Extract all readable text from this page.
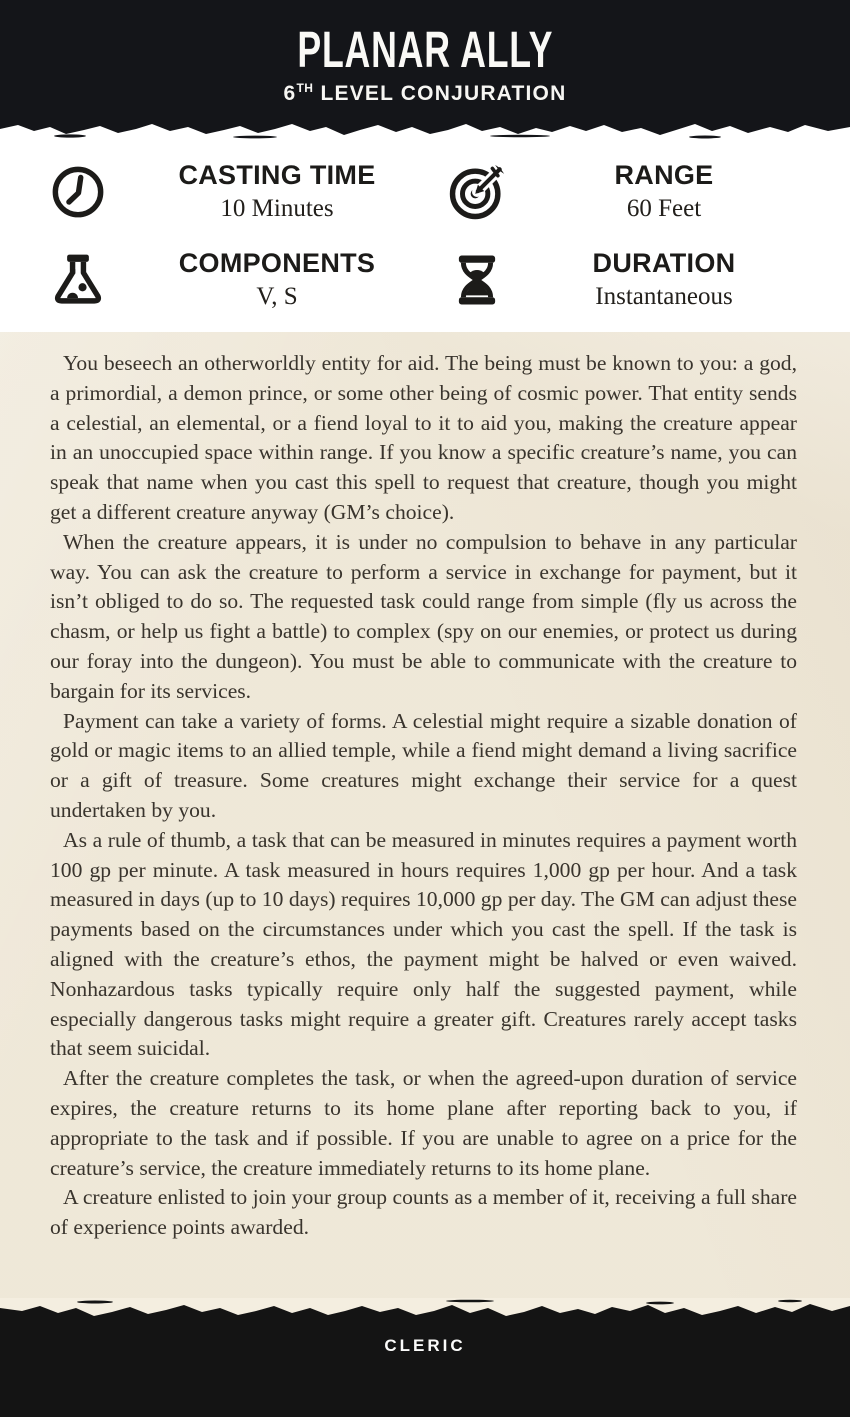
PLANAR ALLY
6TH LEVEL CONJURATION
CASTING TIME
10 Minutes
RANGE
60 Feet
COMPONENTS
V, S
DURATION
Instantaneous

You beseech an otherworldly entity for aid. The being must be known to you: a god, a primordial, a demon prince, or some other being of cosmic power. That entity sends a celestial, an elemental, or a fiend loyal to it to aid you, making the creature appear in an unoccupied space within range. If you know a specific creature’s name, you can speak that name when you cast this spell to request that creature, though you might get a different creature anyway (GM’s choice).

When the creature appears, it is under no compulsion to behave in any particular way. You can ask the creature to perform a service in exchange for payment, but it isn’t obliged to do so. The requested task could range from simple (fly us across the chasm, or help us fight a battle) to complex (spy on our enemies, or protect us during our foray into the dungeon). You must be able to communicate with the creature to bargain for its services.

Payment can take a variety of forms. A celestial might require a sizable donation of gold or magic items to an allied temple, while a fiend might demand a living sacrifice or a gift of treasure. Some creatures might exchange their service for a quest undertaken by you.

As a rule of thumb, a task that can be measured in minutes requires a payment worth 100 gp per minute. A task measured in hours requires 1,000 gp per hour. And a task measured in days (up to 10 days) requires 10,000 gp per day. The GM can adjust these payments based on the circumstances under which you cast the spell. If the task is aligned with the creature’s ethos, the payment might be halved or even waived. Nonhazardous tasks typically require only half the suggested payment, while especially dangerous tasks might require a greater gift. Creatures rarely accept tasks that seem suicidal.

After the creature completes the task, or when the agreed-upon duration of service expires, the creature returns to its home plane after reporting back to you, if appropriate to the task and if possible. If you are unable to agree on a price for the creature’s service, the creature immediately returns to its home plane.

A creature enlisted to join your group counts as a member of it, receiving a full share of experience points awarded.

CLERIC
